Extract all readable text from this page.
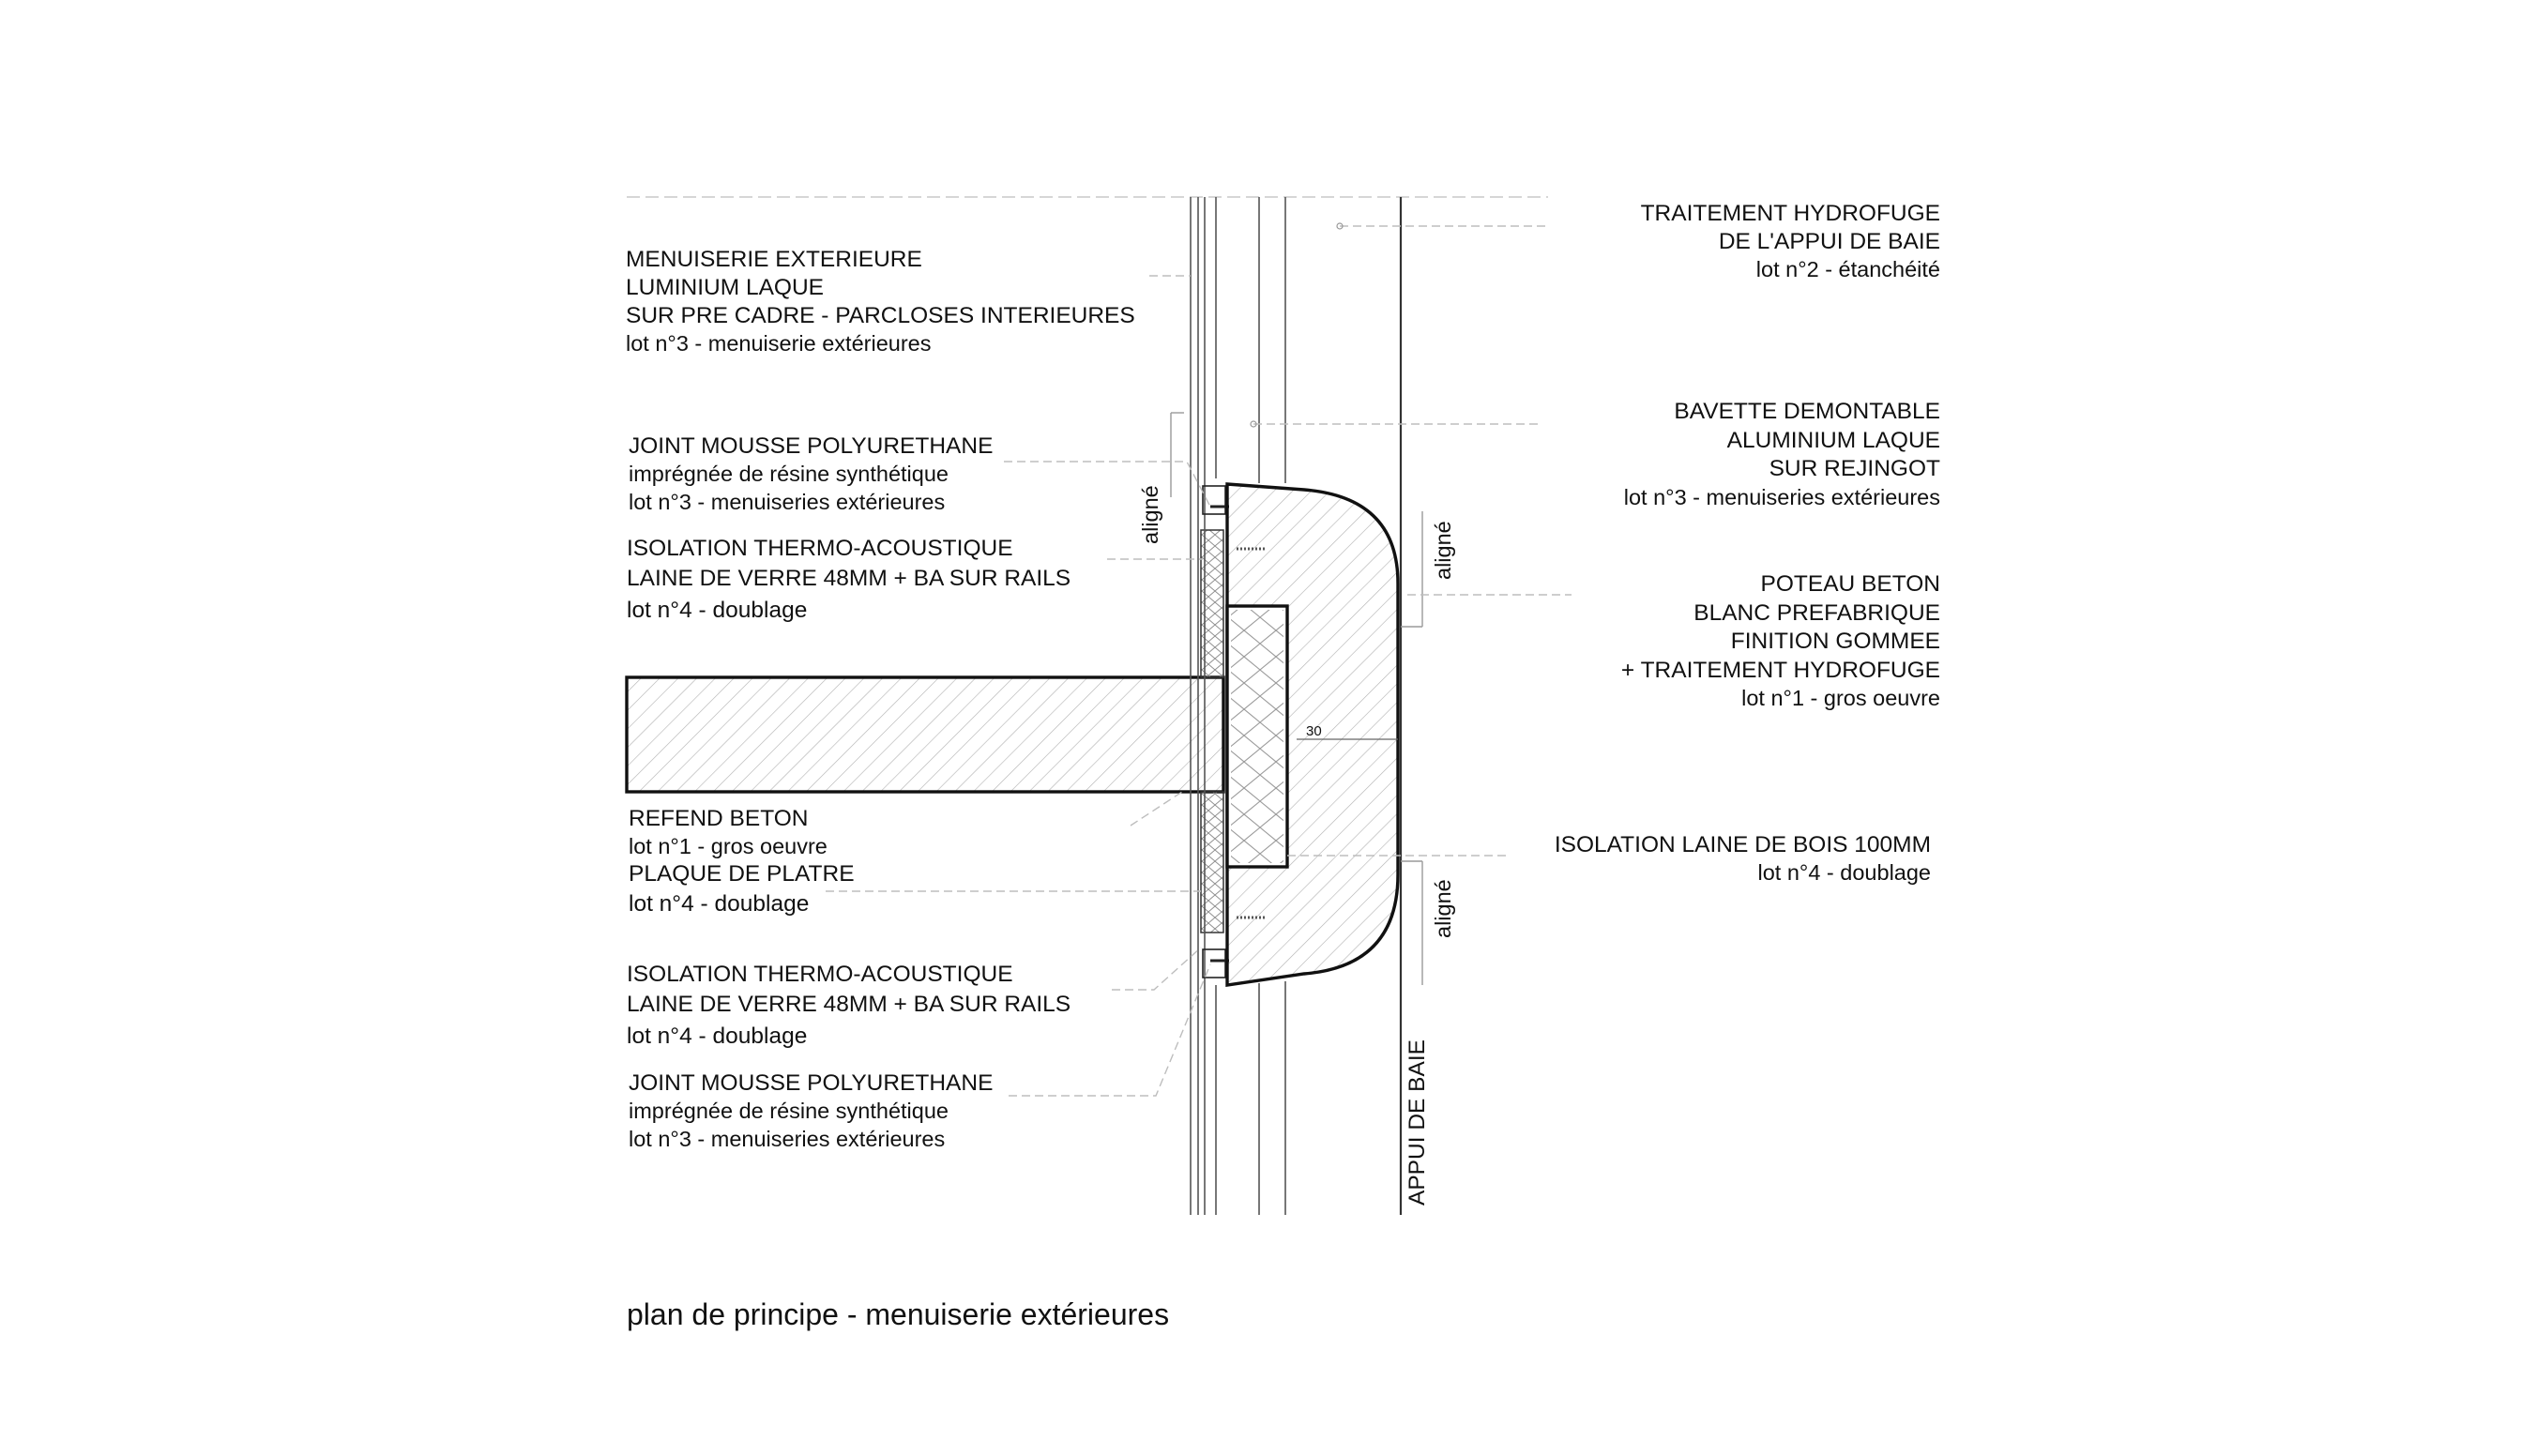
30
aligné
aligné
aligné
APPUI DE BAIE
MENUISERIE EXTERIEURE
LUMINIUM LAQUE
SUR PRE CADRE - PARCLOSES INTERIEURES
lot n°3 - menuiserie extérieures
JOINT MOUSSE POLYURETHANE
imprégnée de résine synthétique
lot n°3 - menuiseries extérieures
ISOLATION THERMO-ACOUSTIQUE
LAINE DE VERRE 48MM + BA SUR RAILS
lot n°4 - doublage
REFEND BETON
lot n°1 - gros oeuvre
PLAQUE DE PLATRE
lot n°4 - doublage
ISOLATION THERMO-ACOUSTIQUE
LAINE DE VERRE 48MM + BA SUR RAILS
lot n°4 - doublage
JOINT MOUSSE POLYURETHANE
imprégnée de résine synthétique
lot n°3 - menuiseries extérieures
TRAITEMENT HYDROFUGE
DE L'APPUI DE BAIE
lot n°2 - étanchéité
BAVETTE DEMONTABLE
ALUMINIUM LAQUE
SUR REJINGOT
lot n°3 - menuiseries extérieures
POTEAU BETON
BLANC PREFABRIQUE
FINITION GOMMEE
+ TRAITEMENT HYDROFUGE
lot n°1 - gros oeuvre
ISOLATION LAINE DE BOIS 100MM
lot n°4 - doublage
plan de principe - menuiserie extérieures
